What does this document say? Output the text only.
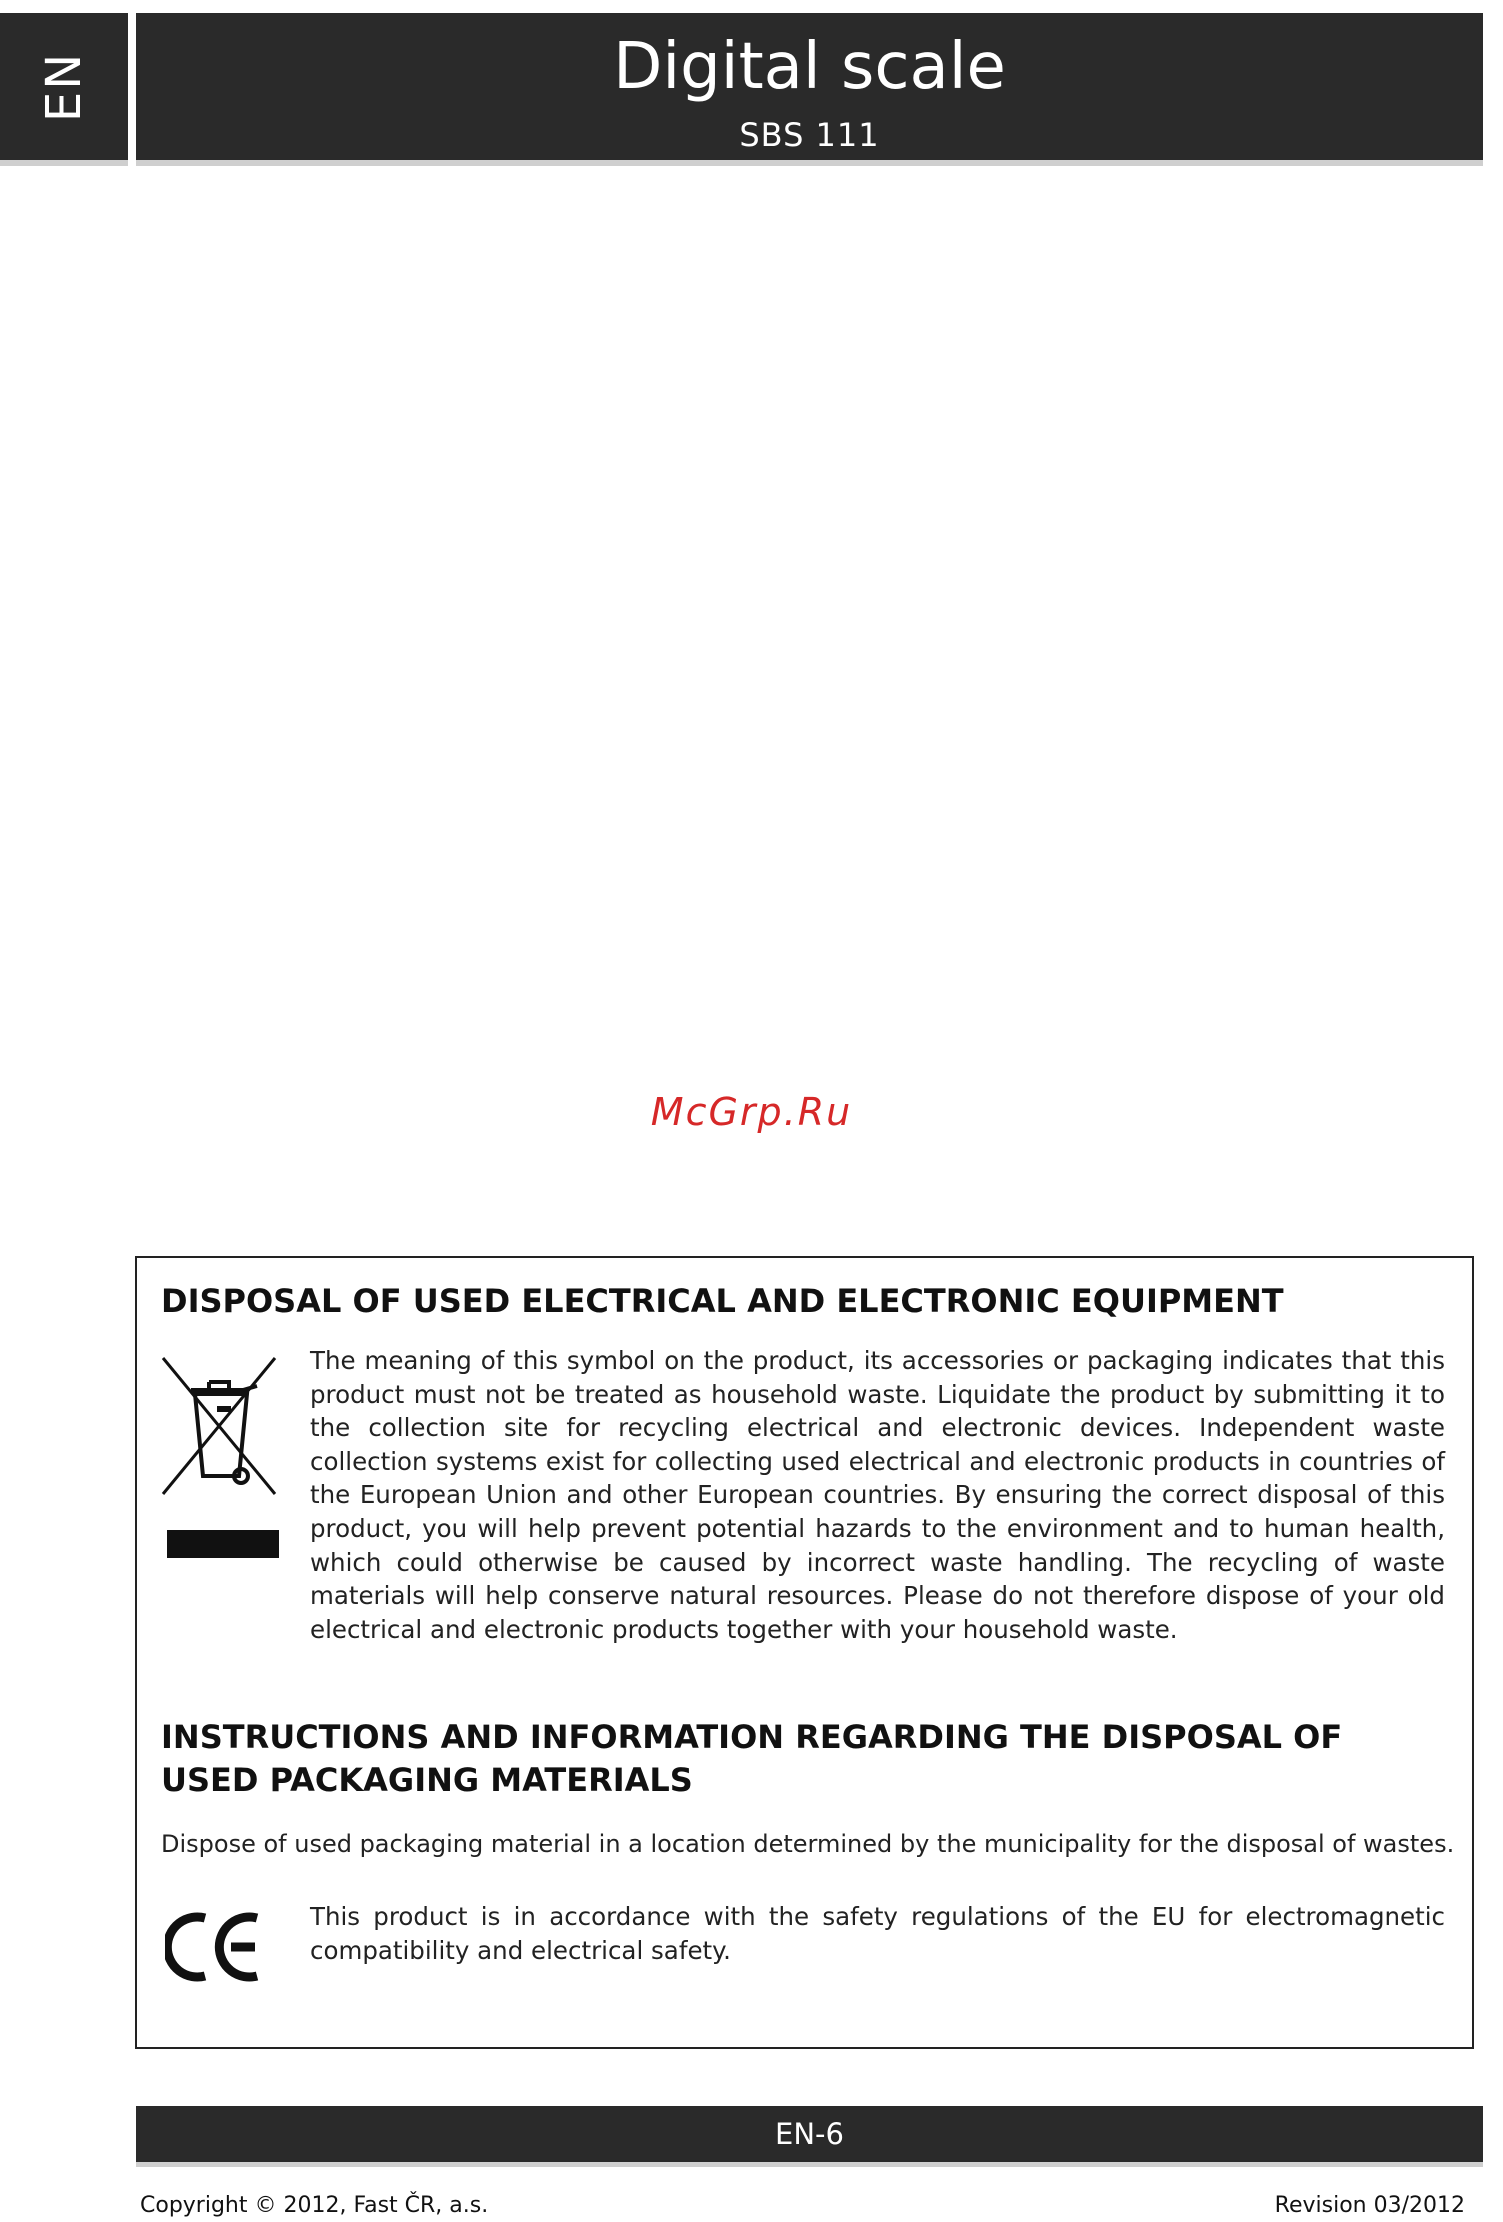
EN	Digital scale
SBS 111
McGrp.Ru
DISPOSAL OF USED ELECTRICAL AND ELECTRONIC EQUIPMENT
The meaning of this symbol on the product, its accessories or packaging indicates that this product must not be treated as household waste. Liquidate the product by submitting it to the collection site for recycling electrical and electronic devices. Independent waste collection systems exist for collecting used electrical and electronic products in countries of the European Union and other European countries. By ensuring the correct disposal of this product, you will help prevent potential hazards to the environment and to human health, which could otherwise be caused by incorrect waste handling. The recycling of waste materials will help conserve natural resources. Please do not therefore dispose of your old electrical and electronic products together with your household waste.
INSTRUCTIONS AND INFORMATION REGARDING THE DISPOSAL OF USED PACKAGING MATERIALS
Dispose of used packaging material in a location determined by the municipality for the disposal of wastes.
This product is in accordance with the safety regulations of the EU for electromagnetic compatibility and electrical safety.
EN-6
Copyright © 2012, Fast ČR, a.s.	Revision 03/2012
